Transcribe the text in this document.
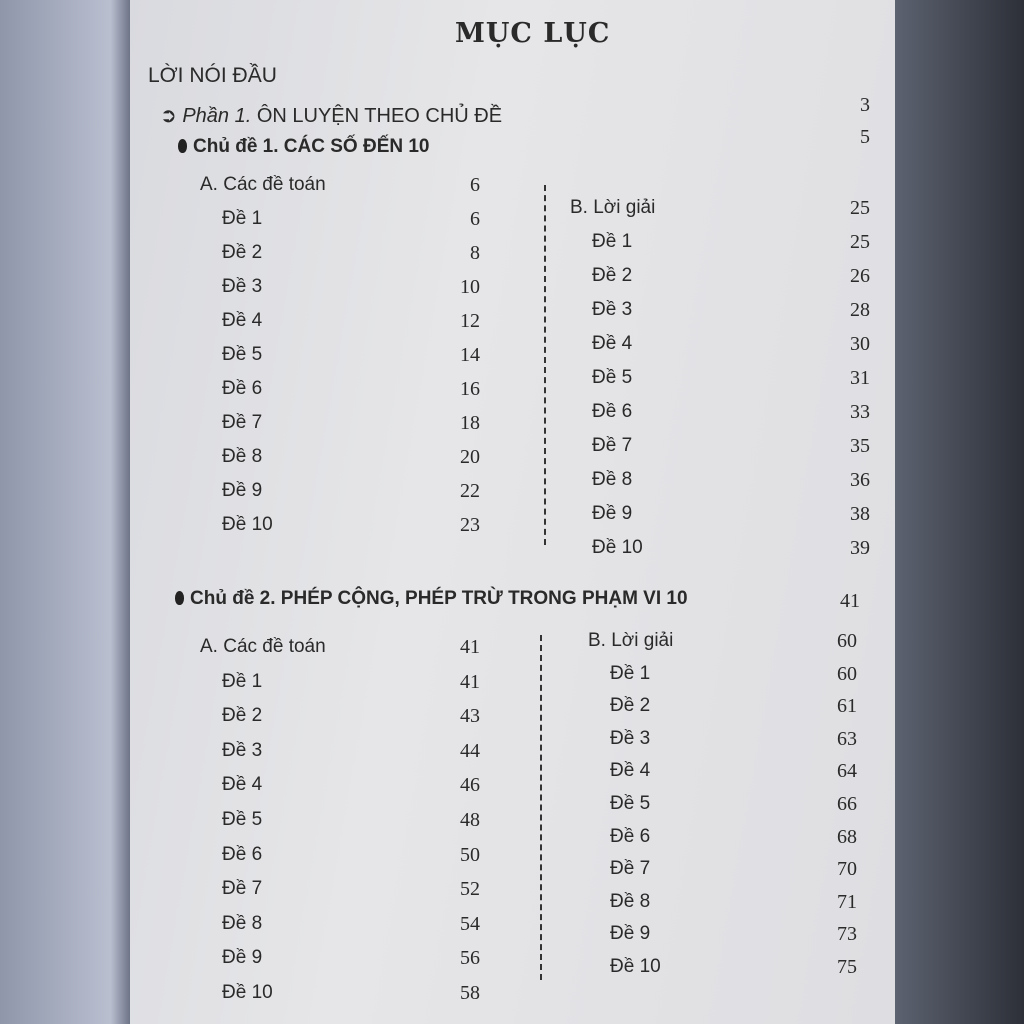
MỤC LỤC
LỜI NÓI ĐẦU
➲ Phần 1. ÔN LUYỆN THEO CHỦ ĐỀ	3
Chủ đề 1. CÁC SỐ ĐẾN 10	5
A. Các đề toán	6
Đề 1	6
Đề 2	8
Đề 3	10
Đề 4	12
Đề 5	14
Đề 6	16
Đề 7	18
Đề 8	20
Đề 9	22
Đề 10	23
B. Lời giải	25
Đề 1	25
Đề 2	26
Đề 3	28
Đề 4	30
Đề 5	31
Đề 6	33
Đề 7	35
Đề 8	36
Đề 9	38
Đề 10	39
Chủ đề 2. PHÉP CỘNG, PHÉP TRỪ TRONG PHẠM VI 10	41
A. Các đề toán	41
Đề 1	41
Đề 2	43
Đề 3	44
Đề 4	46
Đề 5	48
Đề 6	50
Đề 7	52
Đề 8	54
Đề 9	56
Đề 10	58
B. Lời giải	60
Đề 1	60
Đề 2	61
Đề 3	63
Đề 4	64
Đề 5	66
Đề 6	68
Đề 7	70
Đề 8	71
Đề 9	73
Đề 10	75
